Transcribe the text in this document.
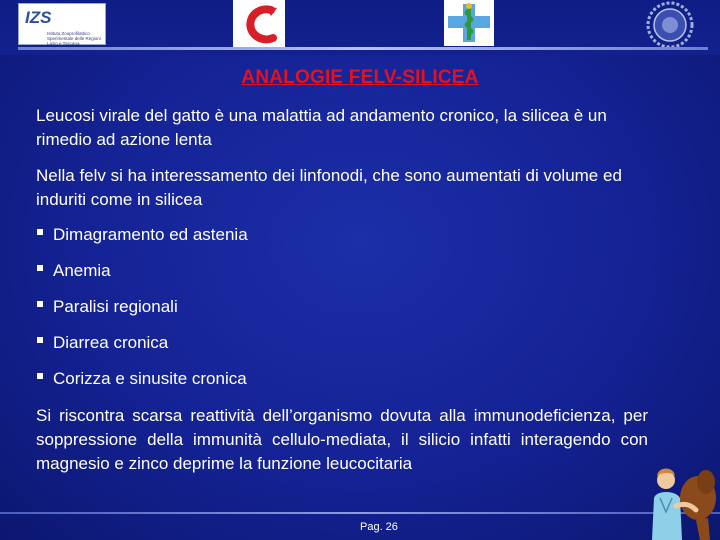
IZS
Istituto Zooprofilattico
Sperimentale delle Regioni
Lazio e Toscana
ANALOGIE FELV-SILICEA
Leucosi virale del gatto è una malattia ad andamento cronico, la silicea è un rimedio ad azione lenta
Nella felv si ha interessamento dei linfonodi, che sono aumentati di volume ed induriti come in silicea
Dimagramento ed astenia
Anemia
Paralisi regionali
Diarrea cronica
Corizza e sinusite cronica
Si riscontra scarsa reattività dell’organismo dovuta alla immunodeficienza, per soppressione della immunità cellulo-mediata, il silicio infatti interagendo con magnesio e zinco deprime la funzione leucocitaria
Pag. 26
